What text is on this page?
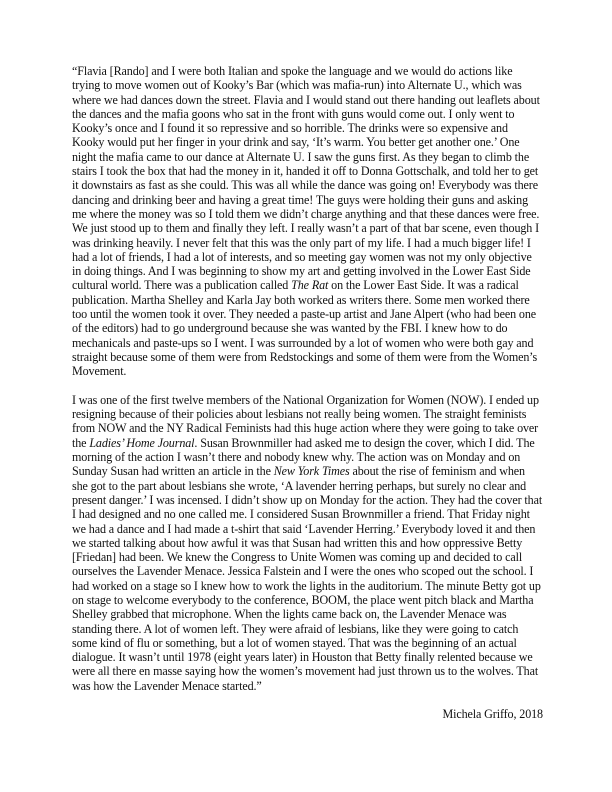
“Flavia [Rando] and I were both Italian and spoke the language and we would do actions like trying to move women out of Kooky’s Bar (which was mafia-run) into Alternate U., which was where we had dances down the street. Flavia and I would stand out there handing out leaflets about the dances and the mafia goons who sat in the front with guns would come out. I only went to Kooky’s once and I found it so repressive and so horrible. The drinks were so expensive and Kooky would put her finger in your drink and say, ‘It’s warm. You better get another one.’ One night the mafia came to our dance at Alternate U. I saw the guns first. As they began to climb the stairs I took the box that had the money in it, handed it off to Donna Gottschalk, and told her to get it downstairs as fast as she could. This was all while the dance was going on! Everybody was there dancing and drinking beer and having a great time! The guys were holding their guns and asking me where the money was so I told them we didn’t charge anything and that these dances were free. We just stood up to them and finally they left. I really wasn’t a part of that bar scene, even though I was drinking heavily. I never felt that this was the only part of my life. I had a much bigger life! I had a lot of friends, I had a lot of interests, and so meeting gay women was not my only objective in doing things. And I was beginning to show my art and getting involved in the Lower East Side cultural world. There was a publication called The Rat on the Lower East Side. It was a radical publication. Martha Shelley and Karla Jay both worked as writers there. Some men worked there too until the women took it over. They needed a paste-up artist and Jane Alpert (who had been one of the editors) had to go underground because she was wanted by the FBI. I knew how to do mechanicals and paste-ups so I went. I was surrounded by a lot of women who were both gay and straight because some of them were from Redstockings and some of them were from the Women’s Movement.

I was one of the first twelve members of the National Organization for Women (NOW). I ended up resigning because of their policies about lesbians not really being women. The straight feminists from NOW and the NY Radical Feminists had this huge action where they were going to take over the Ladies’ Home Journal. Susan Brownmiller had asked me to design the cover, which I did. The morning of the action I wasn’t there and nobody knew why. The action was on Monday and on Sunday Susan had written an article in the New York Times about the rise of feminism and when she got to the part about lesbians she wrote, ‘A lavender herring perhaps, but surely no clear and present danger.’ I was incensed. I didn’t show up on Monday for the action. They had the cover that I had designed and no one called me. I considered Susan Brownmiller a friend. That Friday night we had a dance and I had made a t-shirt that said ‘Lavender Herring.’ Everybody loved it and then we started talking about how awful it was that Susan had written this and how oppressive Betty [Friedan] had been. We knew the Congress to Unite Women was coming up and decided to call ourselves the Lavender Menace. Jessica Falstein and I were the ones who scoped out the school. I had worked on a stage so I knew how to work the lights in the auditorium. The minute Betty got up on stage to welcome everybody to the conference, BOOM, the place went pitch black and Martha Shelley grabbed that microphone. When the lights came back on, the Lavender Menace was standing there. A lot of women left. They were afraid of lesbians, like they were going to catch some kind of flu or something, but a lot of women stayed. That was the beginning of an actual dialogue. It wasn’t until 1978 (eight years later) in Houston that Betty finally relented because we were all there en masse saying how the women’s movement had just thrown us to the wolves. That was how the Lavender Menace started.”

Michela Griffo, 2018
